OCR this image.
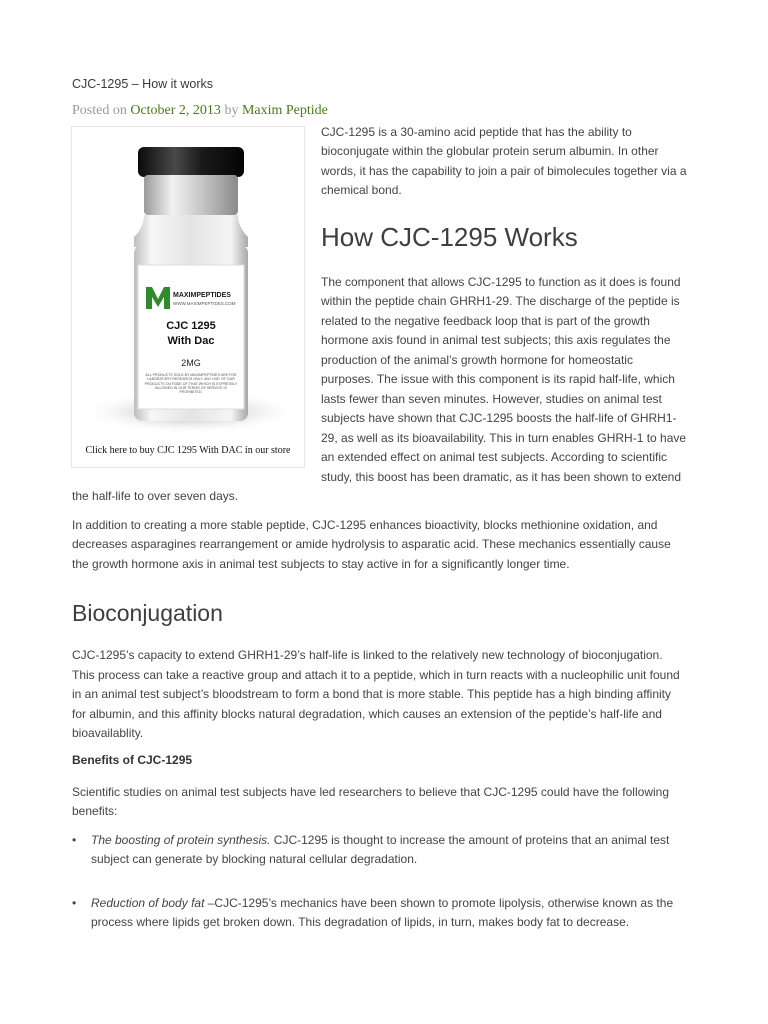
CJC-1295 – How it works
Posted on October 2, 2013 by Maxim Peptide
MAXIMPEPTIDES
WWW.MAXIMPEPTIDES.COM
CJC 1295
With Dac
2MG
ALL PRODUCTS SOLD BY MAXIMPEPTIDES ARE FOR LABORATORY RESEARCH ONLY. ANY USE OF OUR PRODUCTS OUTSIDE OF THAT WHICH IS EXPRESSLY ALLOWED IN OUR TERMS OF SERVICE IS PROHIBITED.
Click here to buy CJC 1295 With DAC in our store

CJC-1295 is a 30-amino acid peptide that has the ability to

bioconjugate within the globular protein serum albumin. In other

words, it has the capability to join a pair of bimolecules together via a

chemical bond.

How CJC-1295 Works

The component that allows CJC-1295 to function as it does is found

within the peptide chain GHRH1-29. The discharge of the peptide is

related to the negative feedback loop that is part of the growth

hormone axis found in animal test subjects; this axis regulates the

production of the animal’s growth hormone for homeostatic

purposes. The issue with this component is its rapid half-life, which

lasts fewer than seven minutes. However, studies on animal test

subjects have shown that CJC-1295 boosts the half-life of GHRH1-

29, as well as its bioavailability. This in turn enables GHRH-1 to have

an extended effect on animal test subjects. According to scientific

study, this boost has been dramatic, as it has been shown to extend

the half-life to over seven days.

In addition to creating a more stable peptide, CJC-1295 enhances bioactivity, blocks methionine oxidation, and

decreases asparagines rearrangement or amide hydrolysis to asparatic acid. These mechanics essentially cause

the growth hormone axis in animal test subjects to stay active in for a significantly longer time.

Bioconjugation

CJC-1295’s capacity to extend GHRH1-29’s half-life is linked to the relatively new technology of bioconjugation.

This process can take a reactive group and attach it to a peptide, which in turn reacts with a nucleophilic unit found

in an animal test subject’s bloodstream to form a bond that is more stable. This peptide has a high binding affinity

for albumin, and this affinity blocks natural degradation, which causes an extension of the peptide’s half-life and

bioavailablity.

Benefits of CJC-1295

Scientific studies on animal test subjects have led researchers to believe that CJC-1295 could have the following

benefits:

• The boosting of protein synthesis. CJC-1295 is thought to increase the amount of proteins that an animal test
subject can generate by blocking natural cellular degradation.
• Reduction of body fat –CJC-1295’s mechanics have been shown to promote lipolysis, otherwise known as the
process where lipids get broken down. This degradation of lipids, in turn, makes body fat to decrease.
